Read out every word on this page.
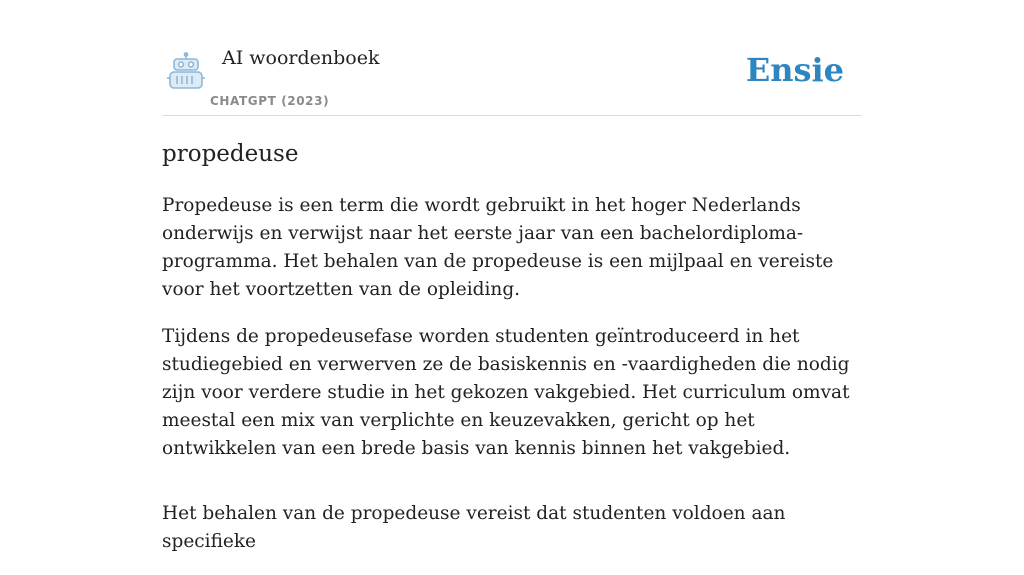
AI woordenboek
CHATGPT (2023)
Ensie
propedeuse

Propedeuse is een term die wordt gebruikt in het hoger Nederlands onderwijs en verwijst naar het eerste jaar van een bachelordiploma-programma. Het behalen van de propedeuse is een mijlpaal en vereiste voor het voortzetten van de opleiding.

Tijdens de propedeusefase worden studenten geïntroduceerd in het studiegebied en verwerven ze de basiskennis en -vaardigheden die nodig zijn voor verdere studie in het gekozen vakgebied. Het curriculum omvat meestal een mix van verplichte en keuzevakken, gericht op het ontwikkelen van een brede basis van kennis binnen het vakgebied.

Het behalen van de propedeuse vereist dat studenten voldoen aan specifieke
